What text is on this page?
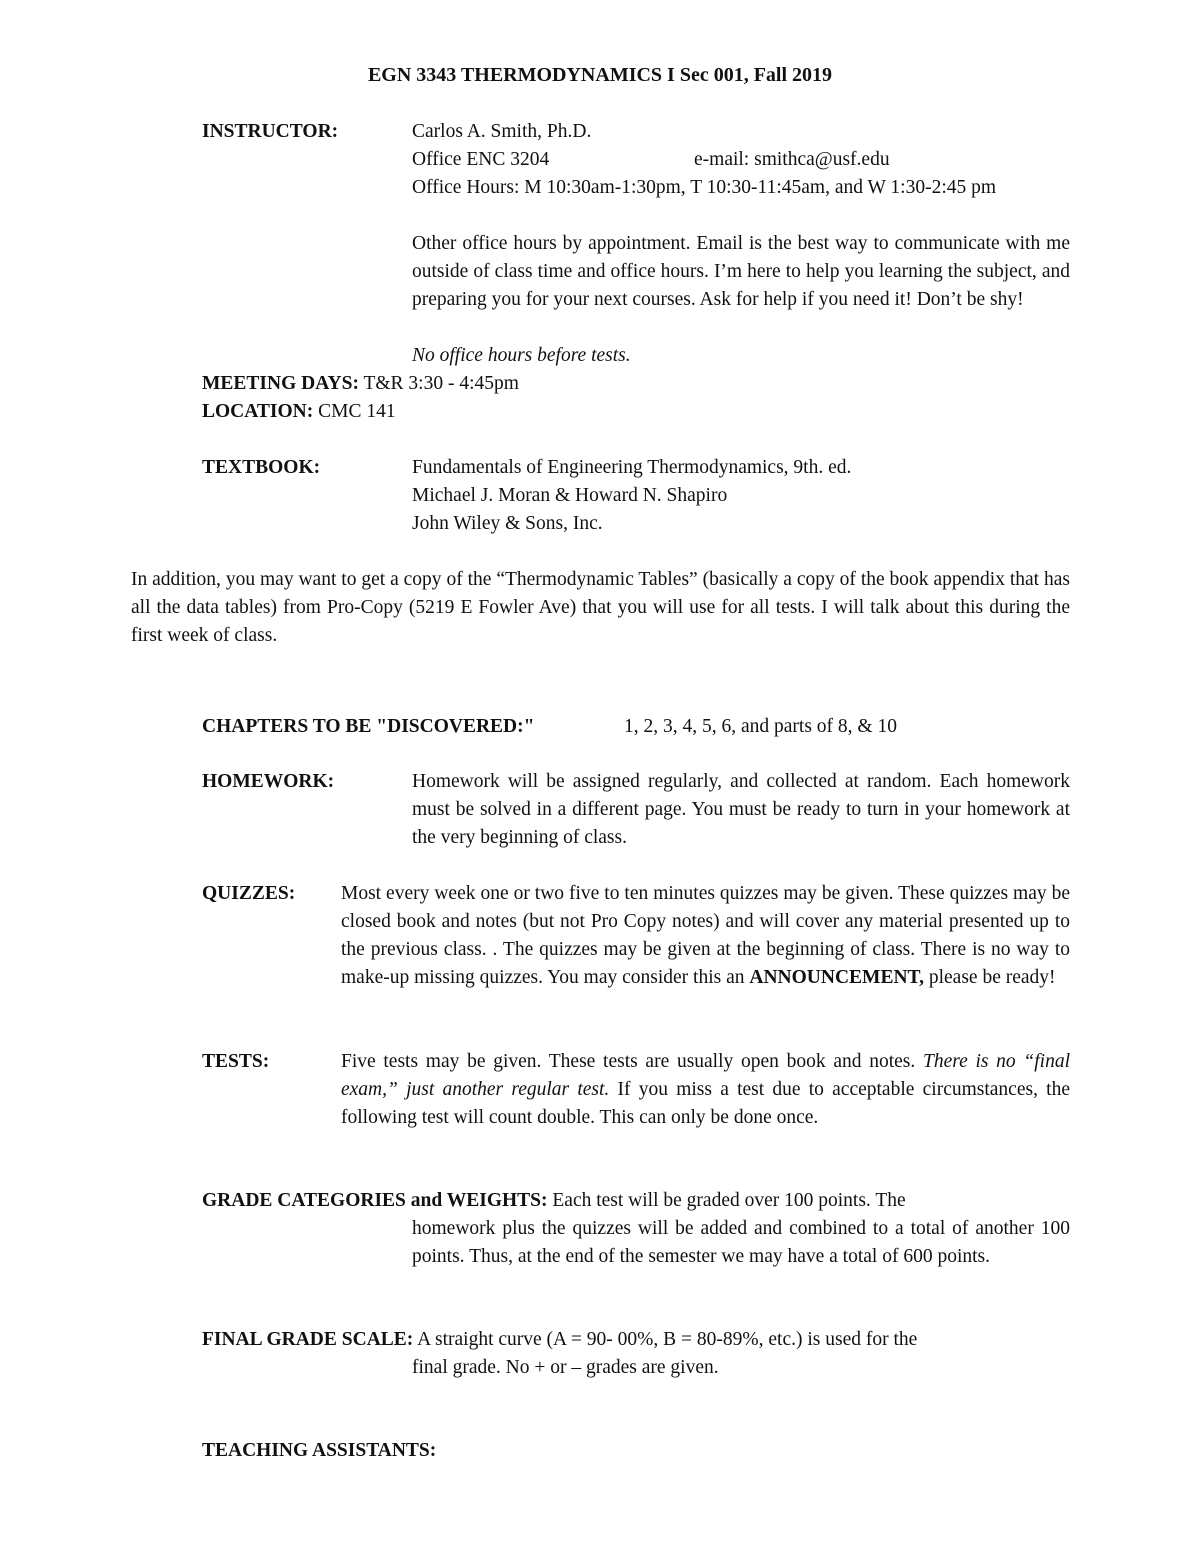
EGN 3343 THERMODYNAMICS I Sec 001, Fall 2019
INSTRUCTOR:	Carlos A. Smith, Ph.D.
Office ENC 3204	e-mail: smithca@usf.edu
Office Hours: M 10:30am-1:30pm, T 10:30-11:45am, and W 1:30-2:45 pm
Other office hours by appointment. Email is the best way to communicate with me outside of class time and office hours. I’m here to help you learning the subject, and preparing you for your next courses. Ask for help if you need it! Don’t be shy!
No office hours before tests.
MEETING DAYS: T&R 3:30 - 4:45pm
LOCATION: CMC 141
TEXTBOOK:	Fundamentals of Engineering Thermodynamics, 9th. ed.
Michael J. Moran & Howard N. Shapiro
John Wiley & Sons, Inc.
In addition, you may want to get a copy of the “Thermodynamic Tables” (basically a copy of the book appendix that has all the data tables) from Pro-Copy (5219 E Fowler Ave) that you will use for all tests. I will talk about this during the first week of class.
CHAPTERS TO BE "DISCOVERED:"	1, 2, 3, 4, 5, 6, and parts of 8, & 10
HOMEWORK:	Homework will be assigned regularly, and collected at random. Each homework must be solved in a different page. You must be ready to turn in your homework at the very beginning of class.
QUIZZES: Most every week one or two five to ten minutes quizzes may be given. These quizzes may be closed book and notes (but not Pro Copy notes) and will cover any material presented up to the previous class. . The quizzes may be given at the beginning of class. There is no way to make-up missing quizzes. You may consider this an ANNOUNCEMENT, please be ready!
TESTS:	Five tests may be given. These tests are usually open book and notes. There is no “final exam,” just another regular test. If you miss a test due to acceptable circumstances, the following test will count double. This can only be done once.
GRADE CATEGORIES and WEIGHTS: Each test will be graded over 100 points. The
homework plus the quizzes will be added and combined to a total of another 100 points. Thus, at the end of the semester we may have a total of 600 points.
FINAL GRADE SCALE: A straight curve (A = 90- 00%, B = 80-89%, etc.) is used for the
final grade. No + or – grades are given.
TEACHING ASSISTANTS:
